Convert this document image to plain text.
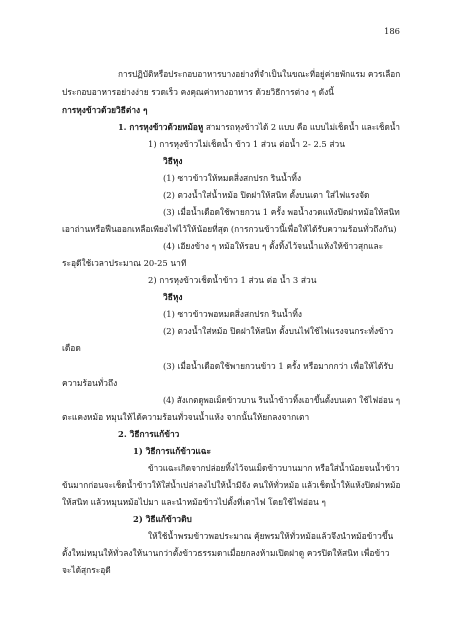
186
การปฏิบัติหรือประกอบอาหารบางอย่างที่จำเป็นในขณะที่อยู่ค่ายพักแรม ควรเลือก
ประกอบอาหารอย่างง่าย รวดเร็ว คงคุณค่าทางอาหาร ด้วยวิธีการต่าง ๆ ดังนี้
การหุงข้าวด้วยวิธีต่าง ๆ
1. การหุงข้าวด้วยหม้อหู สามารถหุงข้าวได้ 2 แบบ คือ แบบไม่เช็ดน้ำ และเช็ดน้ำ
1) การหุงข้าวไม่เช็ดน้ำ ข้าว 1 ส่วน ต่อน้ำ 2- 2.5 ส่วน
วิธีหุง
(1) ซาวข้าวให้หมดสิ่งสกปรก รินน้ำทิ้ง
(2) ตวงน้ำใส่น้ำหม้อ ปิดฝาให้สนิท ตั้งบนเตา ใส่ไฟแรงจัด
(3) เมื่อน้ำเดือดใช้พายกวน 1 ครั้ง พอน้ำงวดแห้งปิดฝาหม้อให้สนิท
เอาถ่านหรือฟืนออกเหลือเพียงไฟไว้ให้น้อยที่สุด (การกวนข้าวนี้เพื่อให้ได้รับความร้อนทั่วถึงกัน)
(4) เอียงข้าง ๆ หม้อให้รอบ ๆ ตั้งทิ้งไว้จนน้ำแห้งให้ข้าวสุกและ
ระอุดีใช้เวลาประมาณ 20-25 นาที
2) การหุงข้าวเช็ดน้ำข้าว 1 ส่วน ต่อ น้ำ 3 ส่วน
วิธีหุง
(1) ซาวข้าวพอหมดสิ่งสกปรก รินน้ำทิ้ง
(2) ตวงน้ำใส่หม้อ ปิดฝาให้สนิท ตั้งบนไฟใช้ไฟแรงจนกระทั่งข้าว
เดือด
(3) เมื่อน้ำเดือดใช้พายกวนข้าว 1 ครั้ง หรือมากกว่า เพื่อให้ได้รับ
ความร้อนทั่วถึง
(4) สังเกตดูพอเม็ดข้าวบาน รินน้ำข้าวทิ้งเอาขึ้นตั้งบนเตา ใช้ไฟอ่อน ๆ
ตะแคงหม้อ หมุนให้ได้ความร้อนทั่วจนน้ำแห้ง จากนั้นให้ยกลงจากเตา
2. วิธีการแก้ข้าว
1) วิธีการแก้ข้าวแฉะ
ข้าวแฉะเกิดจากปล่อยทิ้งไว้จนเม็ดข้าวบานมาก หรือใส่น้ำน้อยจนน้ำข้าว
ข้นมากก่อนจะเช็ดน้ำข้าวให้ใส่น้ำเปล่าลงไปให้น้ำมีจัง คนให้ทั่วหม้อ แล้วเช็ดน้ำให้แห้งปิดฝาหม้อ
ให้สนิท แล้วหมุนหม้อไปมา และนำหม้อข้าวไปตั้งที่เตาไฟ โดยใช้ไฟอ่อน ๆ
2) วิธีแก้ข้าวดิบ
ให้ใช้น้ำพรมข้าวพอประมาณ คุ้ยพรมให้ทั่วหม้อแล้วจึงนำหม้อข้าวขึ้น
ตั้งใหม่หมุนให้ทั่วลงให้นานกว่าตั้งข้าวธรรมดาเมื่อยกลงห้ามเปิดฝาดู ควรปิดให้สนิท เพื่อข้าว
จะได้สุกระอุดี
